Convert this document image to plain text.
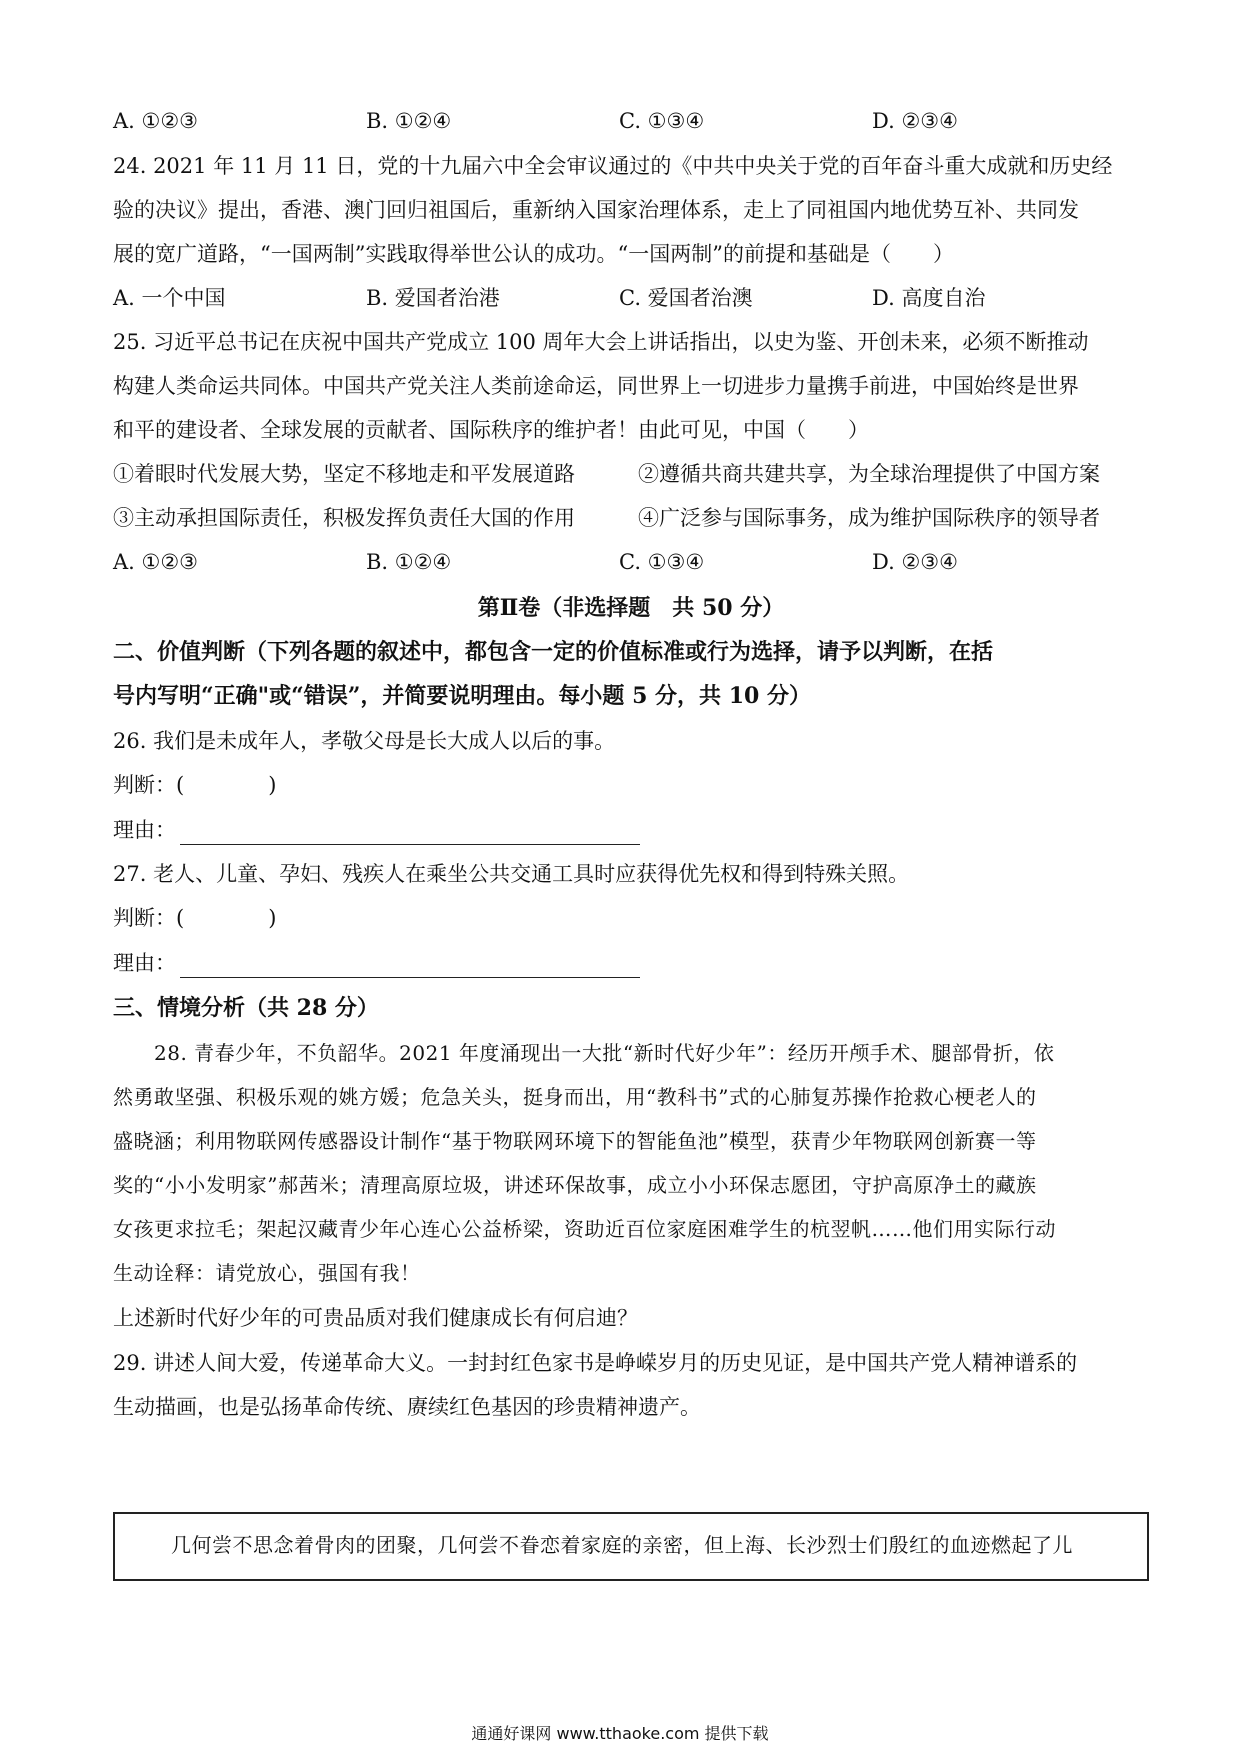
A. ①②③	B. ①②④	C. ①③④	D. ②③④
24. 2021 年 11 月 11 日，党的十九届六中全会审议通过的《中共中央关于党的百年奋斗重大成就和历史经
验的决议》提出，香港、澳门回归祖国后，重新纳入国家治理体系，走上了同祖国内地优势互补、共同发
展的宽广道路，“一国两制”实践取得举世公认的成功。“一国两制”的前提和基础是（　　）
A. 一个中国	B. 爱国者治港	C. 爱国者治澳	D. 高度自治
25. 习近平总书记在庆祝中国共产党成立 100 周年大会上讲话指出，以史为鉴、开创未来，必须不断推动
构建人类命运共同体。中国共产党关注人类前途命运，同世界上一切进步力量携手前进，中国始终是世界
和平的建设者、全球发展的贡献者、国际秩序的维护者！由此可见，中国（　　）
①着眼时代发展大势，坚定不移地走和平发展道路	②遵循共商共建共享，为全球治理提供了中国方案
③主动承担国际责任，积极发挥负责任大国的作用	④广泛参与国际事务，成为维护国际秩序的领导者
A. ①②③	B. ①②④	C. ①③④	D. ②③④
第Ⅱ卷（非选择题　共 50 分）
二、价值判断（下列各题的叙述中，都包含一定的价值标准或行为选择，请予以判断，在括
号内写明“正确"或“错误”，并简要说明理由。每小题 5 分，共 10 分）
26. 我们是未成年人，孝敬父母是长大成人以后的事。
判断：(　　　　)
理由：
27. 老人、儿童、孕妇、残疾人在乘坐公共交通工具时应获得优先权和得到特殊关照。
判断：(　　　　)
理由：
三、情境分析（共 28 分）
　　28. 青春少年，不负韶华。2021 年度涌现出一大批“新时代好少年”：经历开颅手术、腿部骨折，依
然勇敢坚强、积极乐观的姚方媛；危急关头，挺身而出，用“教科书”式的心肺复苏操作抢救心梗老人的
盛晓涵；利用物联网传感器设计制作“基于物联网环境下的智能鱼池”模型，获青少年物联网创新赛一等
奖的“小小发明家”郝茜米；清理高原垃圾，讲述环保故事，成立小小环保志愿团，守护高原净土的藏族
女孩更求拉毛；架起汉藏青少年心连心公益桥梁，资助近百位家庭困难学生的杭翌帆……他们用实际行动
生动诠释：请党放心，强国有我！
上述新时代好少年的可贵品质对我们健康成长有何启迪？
29. 讲述人间大爱，传递革命大义。一封封红色家书是峥嵘岁月的历史见证，是中国共产党人精神谱系的
生动描画，也是弘扬革命传统、赓续红色基因的珍贵精神遗产。
几何尝不思念着骨肉的团聚，几何尝不眷恋着家庭的亲密，但上海、长沙烈士们殷红的血迹燃起了儿
通通好课网 www.tthaoke.com 提供下载
